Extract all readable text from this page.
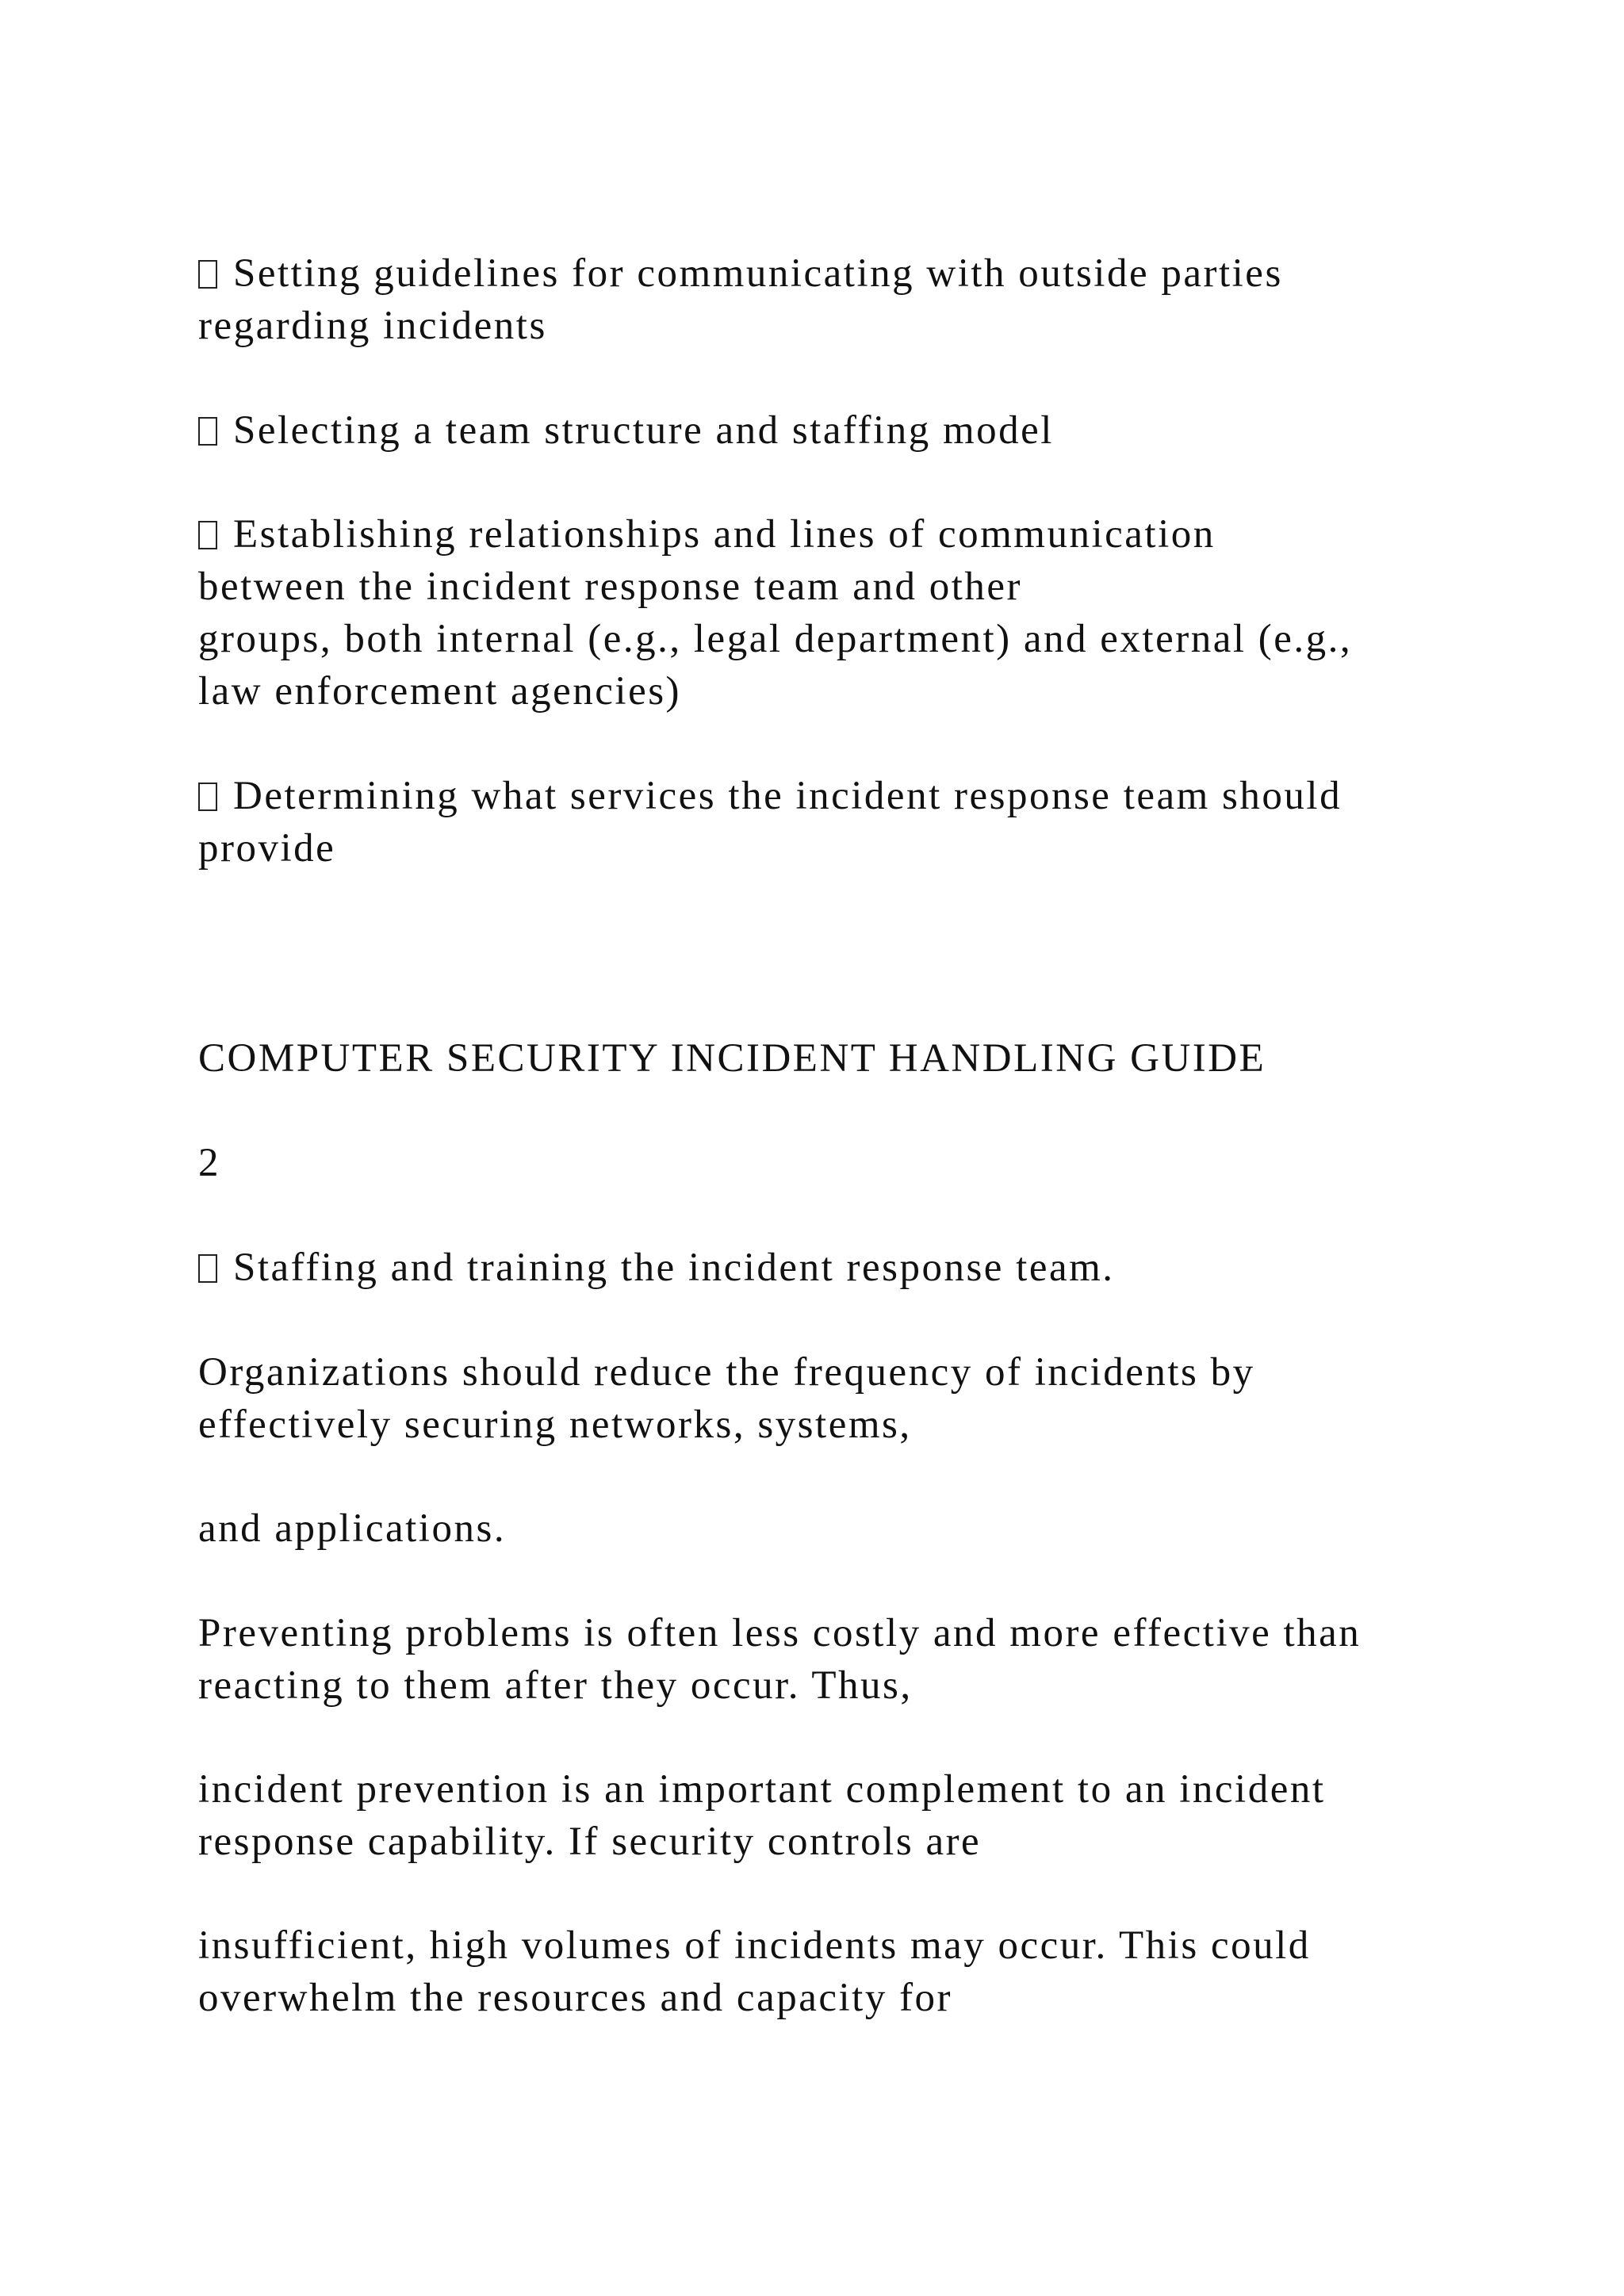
Setting guidelines for communicating with outside parties
regarding incidents
Selecting a team structure and staffing model
Establishing relationships and lines of communication
between the incident response team and other
groups, both internal (e.g., legal department) and external (e.g.,
law enforcement agencies)
Determining what services the incident response team should
provide
COMPUTER SECURITY INCIDENT HANDLING GUIDE
2
Staffing and training the incident response team.
Organizations should reduce the frequency of incidents by
effectively securing networks, systems,
and applications.
Preventing problems is often less costly and more effective than
reacting to them after they occur. Thus,
incident prevention is an important complement to an incident
response capability. If security controls are
insufficient, high volumes of incidents may occur. This could
overwhelm the resources and capacity for
